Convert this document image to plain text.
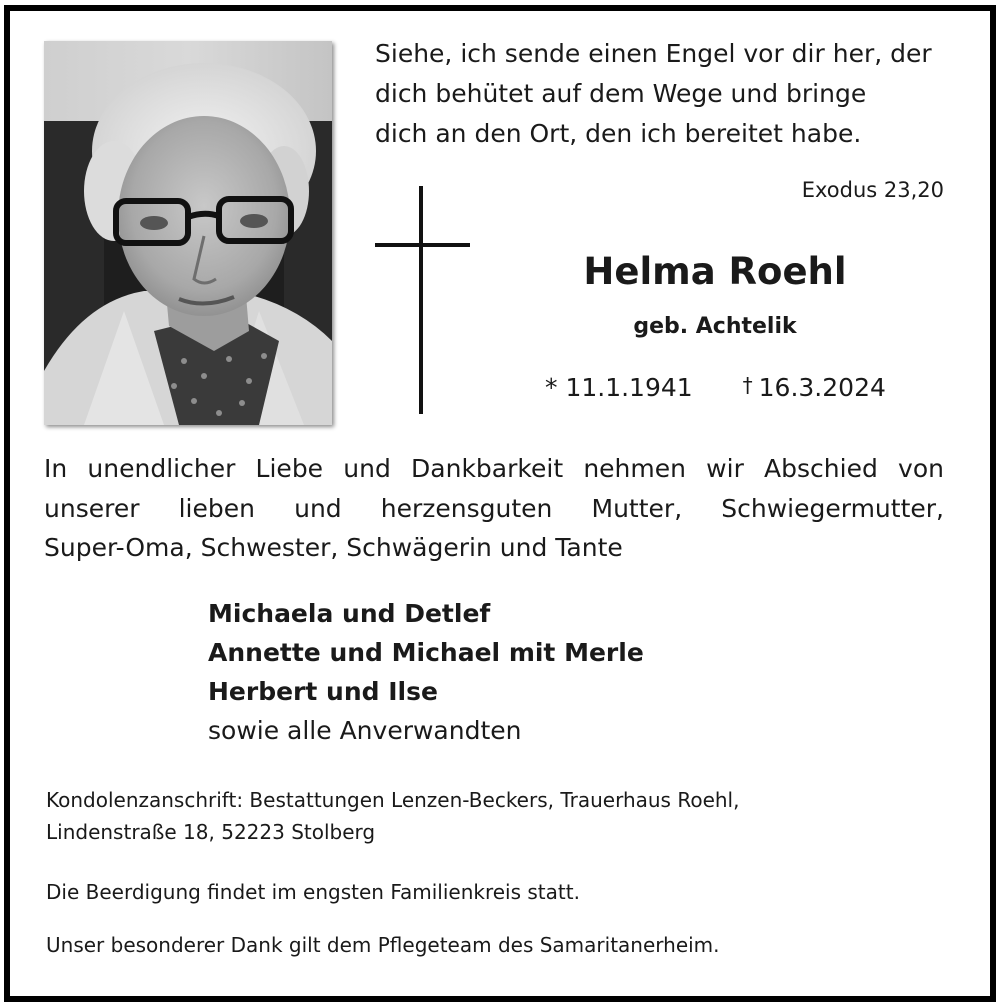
Siehe, ich sende einen Engel vor dir her, der
dich behütet auf dem Wege und bringe
dich an den Ort, den ich bereitet habe.
Exodus 23,20
Helma Roehl
geb. Achtelik
* 11.1.1941 † 16.3.2024
In unendlicher Liebe und Dankbarkeit nehmen wir Abschied von
unserer lieben und herzensguten Mutter, Schwiegermutter,
Super-Oma, Schwester, Schwägerin und Tante
Michaela und Detlef
Annette und Michael mit Merle
Herbert und Ilse
sowie alle Anverwandten
Kondolenzanschrift: Bestattungen Lenzen-Beckers, Trauerhaus Roehl,
Lindenstraße 18, 52223 Stolberg
Die Beerdigung findet im engsten Familienkreis statt.
Unser besonderer Dank gilt dem Pflegeteam des Samaritanerheim.
